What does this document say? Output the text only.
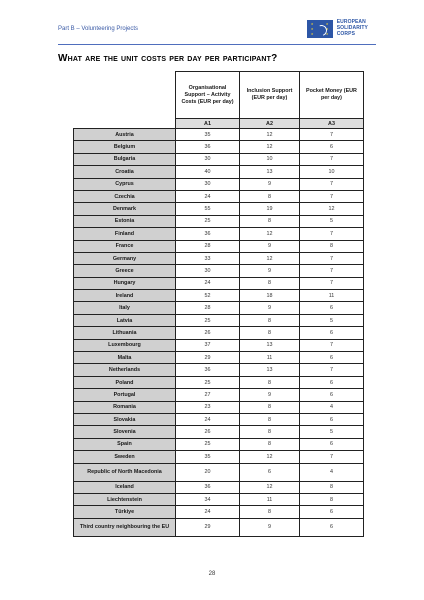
Part B – Volunteering Projects
★
★
★
★
★
★
EUROPEAN
SOLIDARITY
CORPS
What are the unit costs per day per participant?
	Organisational Support – Activity Costs (EUR per day)	Inclusion Support (EUR per day)	Pocket Money (EUR per day)
	A1	A2	A3
Austria	35	12	7
Belgium	36	12	6
Bulgaria	30	10	7
Croatia	40	13	10
Cyprus	30	9	7
Czechia	24	8	7
Denmark	55	19	12
Estonia	25	8	5
Finland	36	12	7
France	28	9	8
Germany	33	12	7
Greece	30	9	7
Hungary	24	8	7
Ireland	52	18	11
Italy	28	9	6
Latvia	25	8	5
Lithuania	26	8	6
Luxembourg	37	13	7
Malta	29	11	6
Netherlands	36	13	7
Poland	25	8	6
Portugal	27	9	6
Romania	23	8	4
Slovakia	24	8	6
Slovenia	26	8	5
Spain	25	8	6
Sweden	35	12	7
Republic of North Macedonia	20	6	4
Iceland	36	12	8
Liechtenstein	34	11	8
Türkiye	24	8	6
Third country neighbouring the EU	29	9	6
28
